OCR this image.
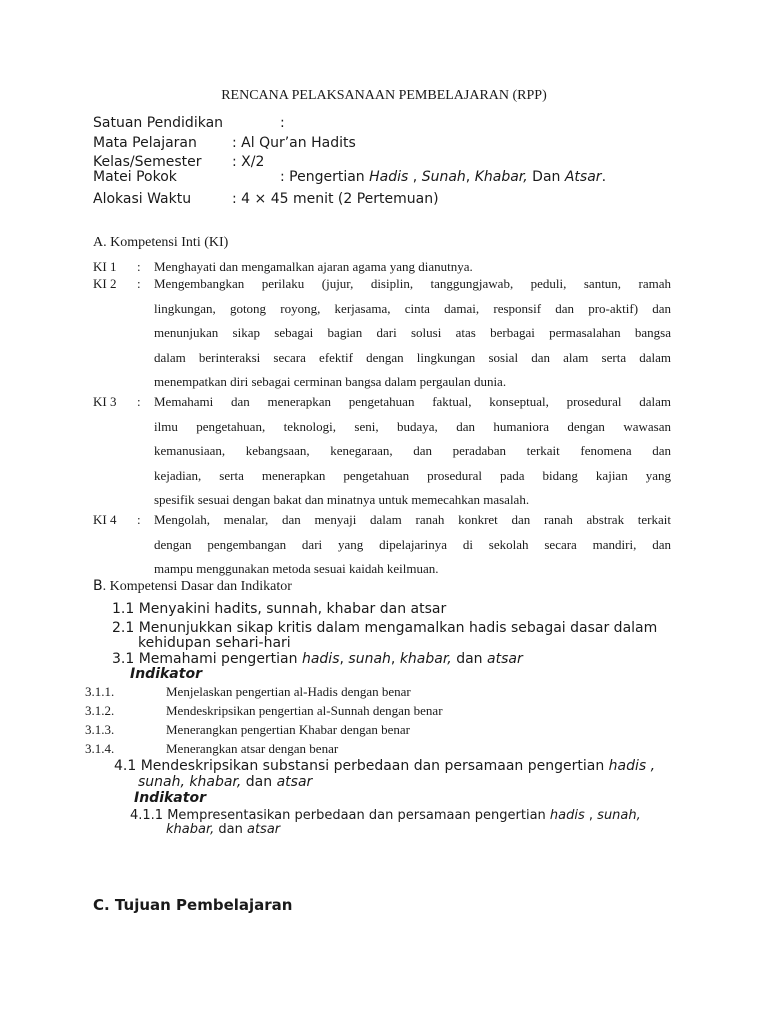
RENCANA PELAKSANAAN PEMBELAJARAN (RPP)
Satuan Pendidikan	:
Mata Pelajaran	: Al Qur’an Hadits
Kelas/Semester : X/2
Matei Pokok	: Pengertian Hadis , Sunah, Khabar, Dan Atsar.
Alokasi Waktu	: 4 × 45 menit (2 Pertemuan)
A. Kompetensi Inti (KI)
KI 1 : Menghayati dan mengamalkan ajaran agama yang dianutnya.
KI 2 : Mengembangkan perilaku (jujur, disiplin, tanggungjawab, peduli, santun, ramah
lingkungan, gotong royong, kerjasama, cinta damai, responsif dan pro-aktif) dan
menunjukan sikap sebagai bagian dari solusi atas berbagai permasalahan bangsa
dalam berinteraksi secara efektif dengan lingkungan sosial dan alam serta dalam
menempatkan diri sebagai cerminan bangsa dalam pergaulan dunia.
KI 3 : Memahami dan menerapkan pengetahuan faktual, konseptual, prosedural dalam
ilmu pengetahuan, teknologi, seni, budaya, dan humaniora dengan wawasan
kemanusiaan, kebangsaan, kenegaraan, dan peradaban terkait fenomena dan
kejadian, serta menerapkan pengetahuan prosedural pada bidang kajian yang
spesifik sesuai dengan bakat dan minatnya untuk memecahkan masalah.
KI 4 : Mengolah, menalar, dan menyaji dalam ranah konkret dan ranah abstrak terkait
dengan pengembangan dari yang dipelajarinya di sekolah secara mandiri, dan
mampu menggunakan metoda sesuai kaidah keilmuan.
B. Kompetensi Dasar dan Indikator
1.1 Menyakini hadits, sunnah, khabar dan atsar
2.1 Menunjukkan sikap kritis dalam mengamalkan hadis sebagai dasar dalam
kehidupan sehari-hari
3.1 Memahami pengertian hadis, sunah, khabar, dan atsar
Indikator
3.1.1.	Menjelaskan pengertian al-Hadis dengan benar
3.1.2.	Mendeskripsikan pengertian al-Sunnah dengan benar
3.1.3.	Menerangkan pengertian Khabar dengan benar
3.1.4.	Menerangkan atsar dengan benar
4.1 Mendeskripsikan substansi perbedaan dan persamaan pengertian hadis ,
sunah, khabar, dan atsar
Indikator
4.1.1 Mempresentasikan perbedaan dan persamaan pengertian hadis , sunah,
khabar, dan atsar
C. Tujuan Pembelajaran
